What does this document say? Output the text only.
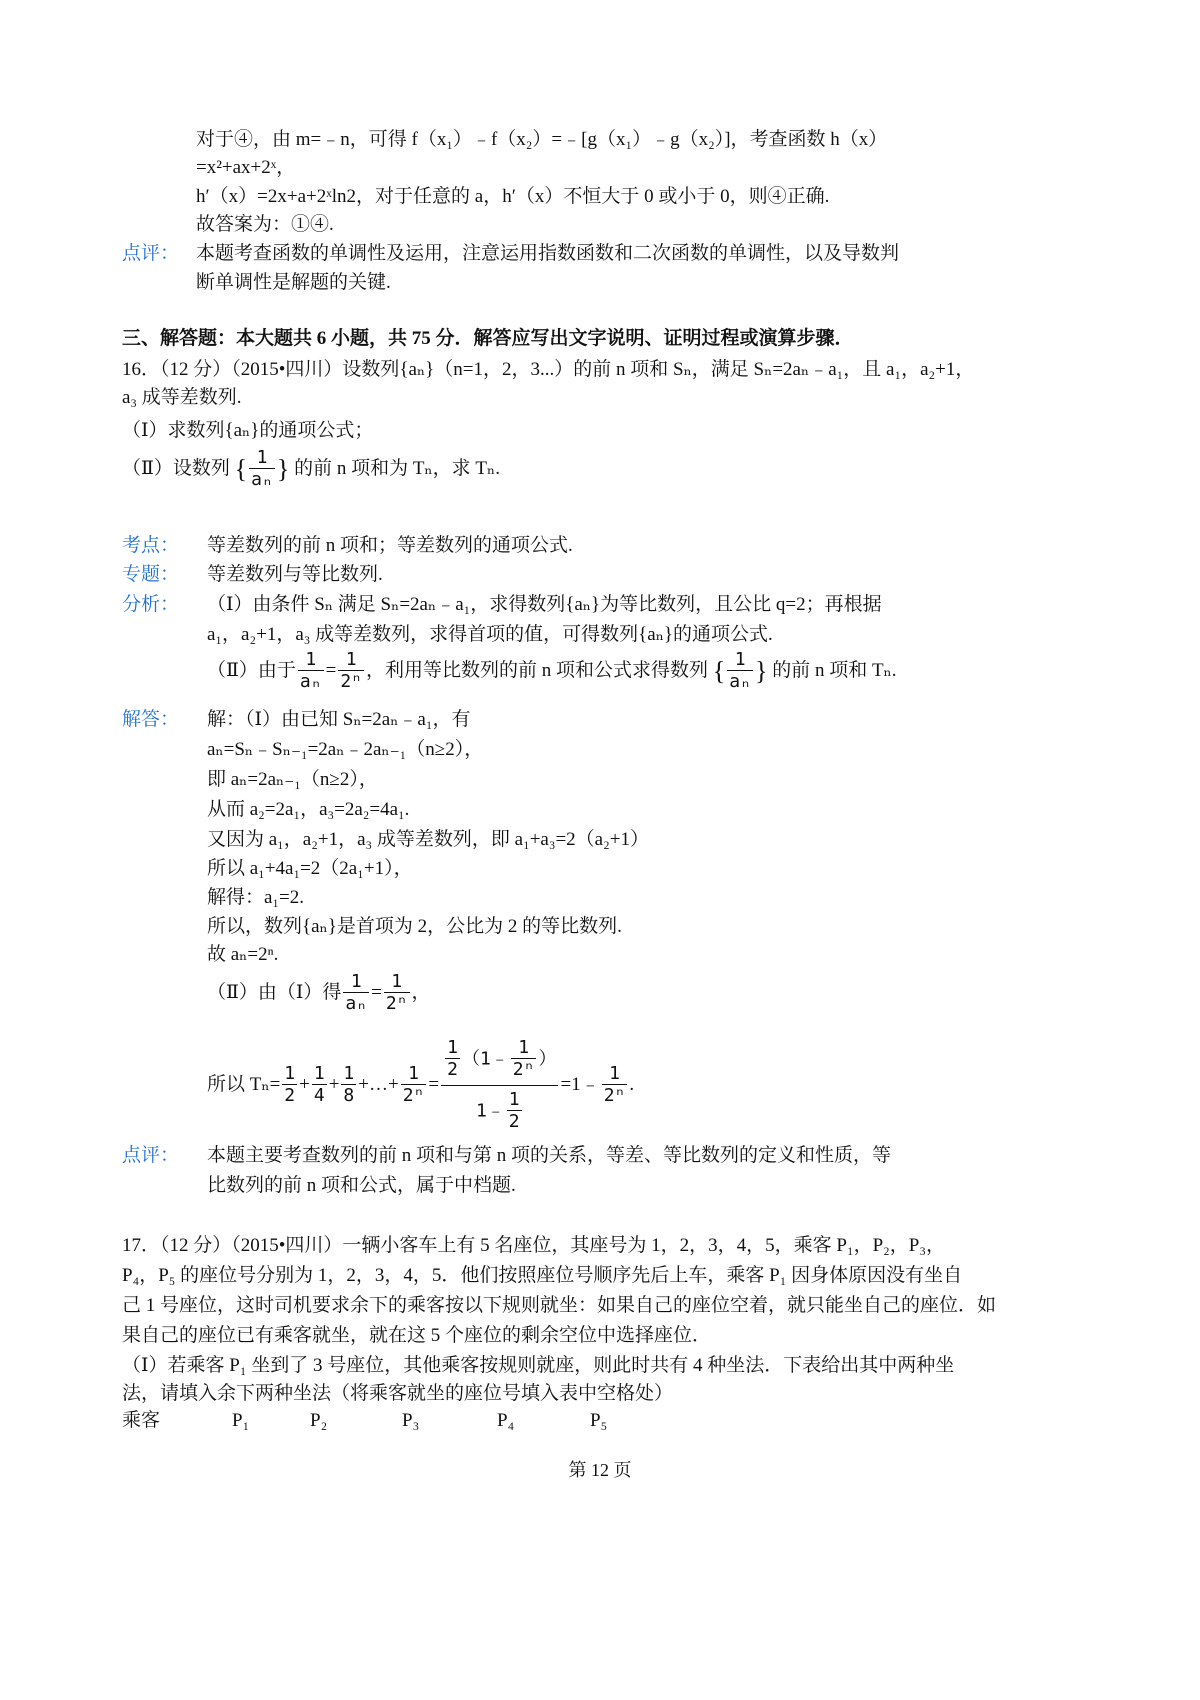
对于④，由 m=﹣n，可得 f（x₁）﹣f（x₂）=﹣[g（x₁）﹣g（x₂）]，考查函数 h（x）
=x²+ax+2ˣ，
h′（x）=2x+a+2ˣln2，对于任意的 a，h′（x）不恒大于 0 或小于 0，则④正确.
故答案为：①④.
点评： 本题考查函数的单调性及运用，注意运用指数函数和二次函数的单调性，以及导数判
断单调性是解题的关键.
三、解答题：本大题共 6 小题，共 75 分．解答应写出文字说明、证明过程或演算步骤．
16．（12 分）（2015•四川）设数列{aₙ}（n=1，2，3...）的前 n 项和 Sₙ，满足 Sₙ=2aₙ﹣a₁，且 a₁，a₂+1，
a₃ 成等差数列.
（Ⅰ）求数列{aₙ}的通项公式；
（Ⅱ）设数列 { $\frac{1}{\text{aₙ}}$ } 的前 n 项和为 Tₙ，求 Tₙ.
考点： 等差数列的前 n 项和；等差数列的通项公式.
专题： 等差数列与等比数列.
分析： （Ⅰ）由条件 Sₙ 满足 Sₙ=2aₙ﹣a₁，求得数列{aₙ}为等比数列，且公比 q=2；再根据
a₁，a₂+1，a₃ 成等差数列，求得首项的值，可得数列{aₙ}的通项公式.
（Ⅱ）由于 $\frac{1}{\text{aₙ}} = \frac{1}{\text{2ⁿ}}$ ，利用等比数列的前 n 项和公式求得数列 { $\frac{1}{\text{aₙ}}$ } 的前 n 项和 Tₙ.
解答： 解：（Ⅰ）由已知 Sₙ=2aₙ﹣a₁，有
aₙ=Sₙ﹣Sₙ₋₁=2aₙ﹣2aₙ₋₁（n≥2），
即 aₙ=2aₙ₋₁（n≥2），
从而 a₂=2a₁，a₃=2a₂=4a₁.
又因为 a₁，a₂+1，a₃ 成等差数列，即 a₁+a₃=2（a₂+1）
所以 a₁+4a₁=2（2a₁+1），
解得：a₁=2.
所以，数列{aₙ}是首项为 2，公比为 2 的等比数列.
故 aₙ=2ⁿ.
（Ⅱ）由（Ⅰ）得 $\frac{1}{\text{aₙ}} = \frac{1}{\text{2ⁿ}}$ ，
所以 $T_n= \frac{1}{2} + \frac{1}{4} + \frac{1}{8}$ +…+ $\frac{1}{\text{2ⁿ}} = \frac{\frac{1}{2} (1﹣ \frac{1}{\text{2ⁿ}} )}{1﹣ \frac{1}{2}}$ =1﹣ $\frac{1}{\text{2ⁿ}}$ .
点评： 本题主要考查数列的前 n 项和与第 n 项的关系，等差、等比数列的定义和性质，等
比数列的前 n 项和公式，属于中档题.
17．（12 分）（2015•四川）一辆小客车上有 5 名座位，其座号为 1，2，3，4，5，乘客 P₁，P₂，P₃，
P₄，P₅ 的座位号分别为 1，2，3，4，5．他们按照座位号顺序先后上车，乘客 P₁ 因身体原因没有坐自
己 1 号座位，这时司机要求余下的乘客按以下规则就坐：如果自己的座位空着，就只能坐自己的座位．如
果自己的座位已有乘客就坐，就在这 5 个座位的剩余空位中选择座位．
（Ⅰ）若乘客 P₁ 坐到了 3 号座位，其他乘客按规则就座，则此时共有 4 种坐法．下表给出其中两种坐
法，请填入余下两种坐法（将乘客就坐的座位号填入表中空格处）
乘客	P₁	P₂	P₃	P₄	P₅
第 12 页
